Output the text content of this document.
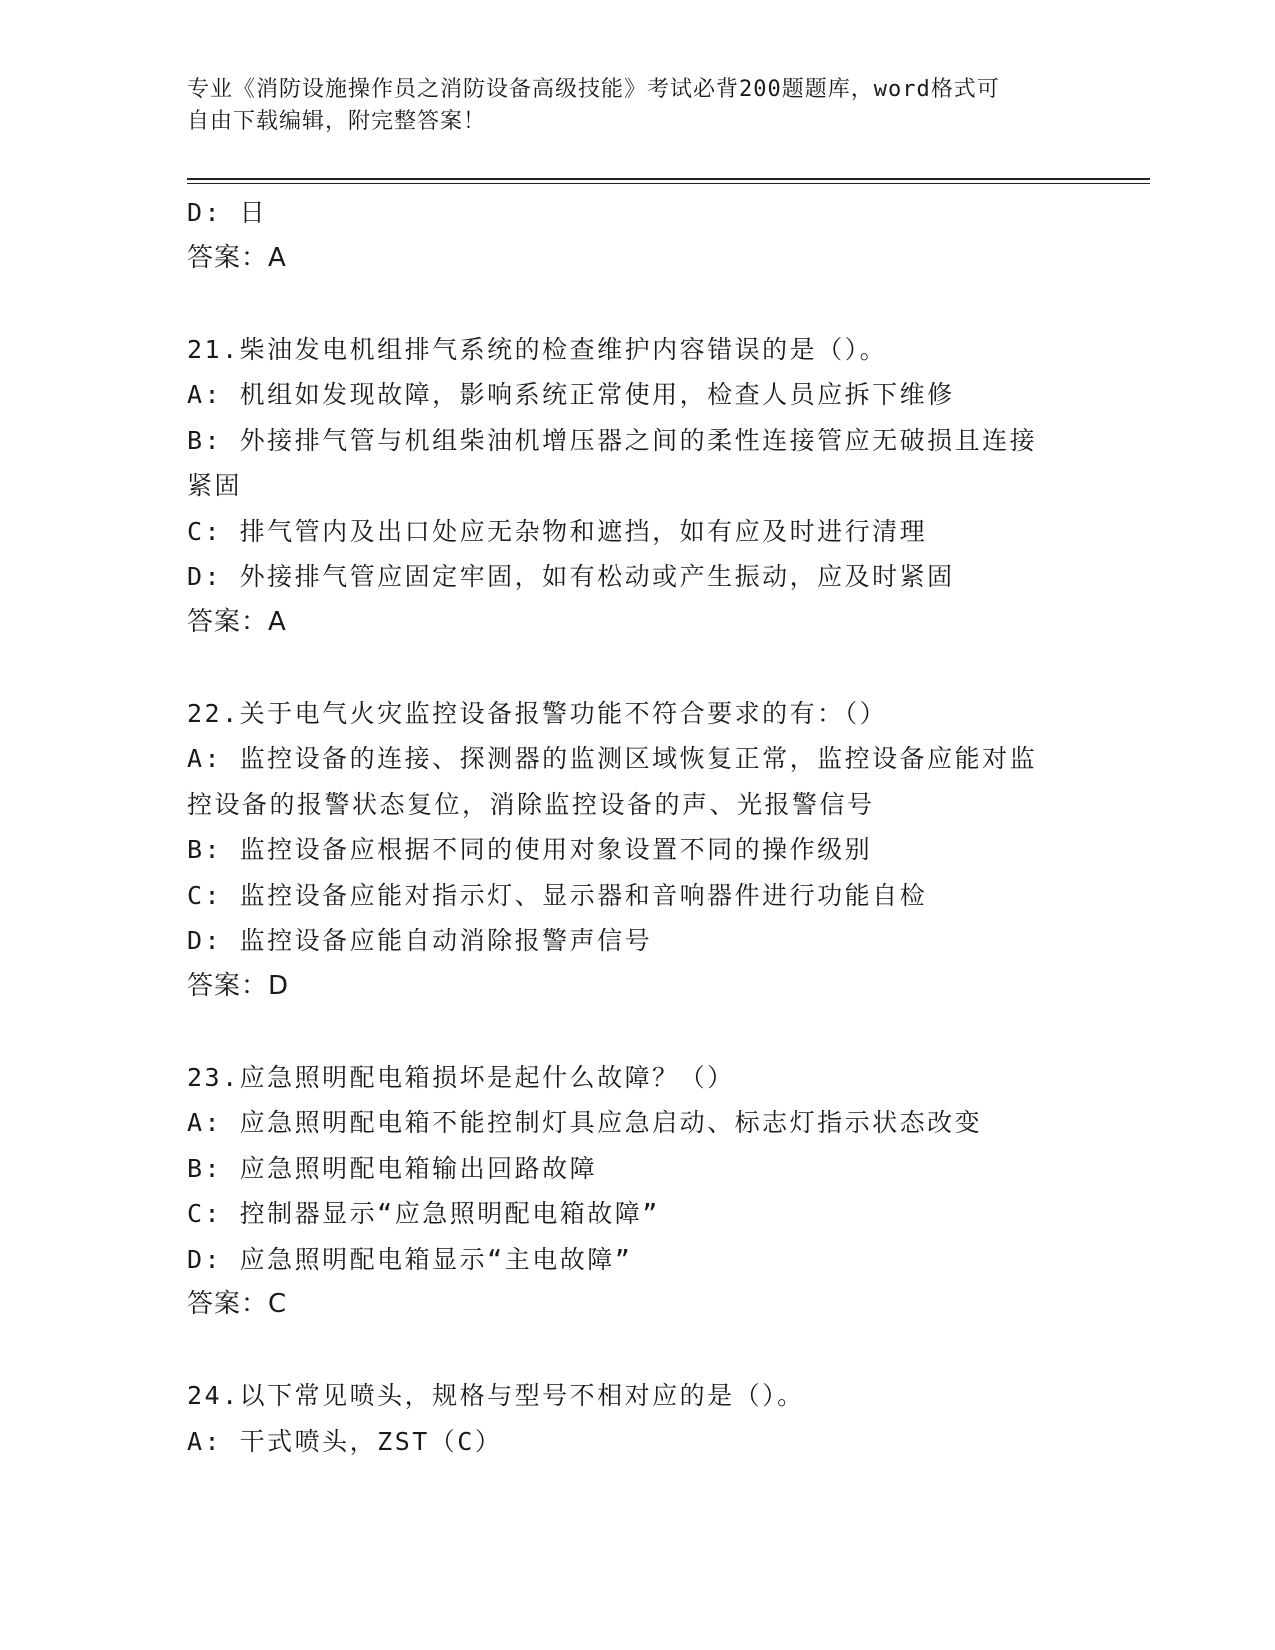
专业《消防设施操作员之消防设备高级技能》考试必背200题题库，word格式可
自由下载编辑，附完整答案！
D: 日
答案：A
21.柴油发电机组排气系统的检查维护内容错误的是（）。
A: 机组如发现故障，影响系统正常使用，检查人员应拆下维修
B: 外接排气管与机组柴油机增压器之间的柔性连接管应无破损且连接
紧固
C: 排气管内及出口处应无杂物和遮挡，如有应及时进行清理
D: 外接排气管应固定牢固，如有松动或产生振动，应及时紧固
答案：A
22.关于电气火灾监控设备报警功能不符合要求的有：（）
A: 监控设备的连接、探测器的监测区域恢复正常，监控设备应能对监
控设备的报警状态复位，消除监控设备的声、光报警信号
B: 监控设备应根据不同的使用对象设置不同的操作级别
C: 监控设备应能对指示灯、显示器和音响器件进行功能自检
D: 监控设备应能自动消除报警声信号
答案：D
23.应急照明配电箱损坏是起什么故障？（）
A: 应急照明配电箱不能控制灯具应急启动、标志灯指示状态改变
B: 应急照明配电箱输出回路故障
C: 控制器显示“应急照明配电箱故障”
D: 应急照明配电箱显示“主电故障”
答案：C
24.以下常见喷头，规格与型号不相对应的是（）。
A: 干式喷头，ZST（C）
